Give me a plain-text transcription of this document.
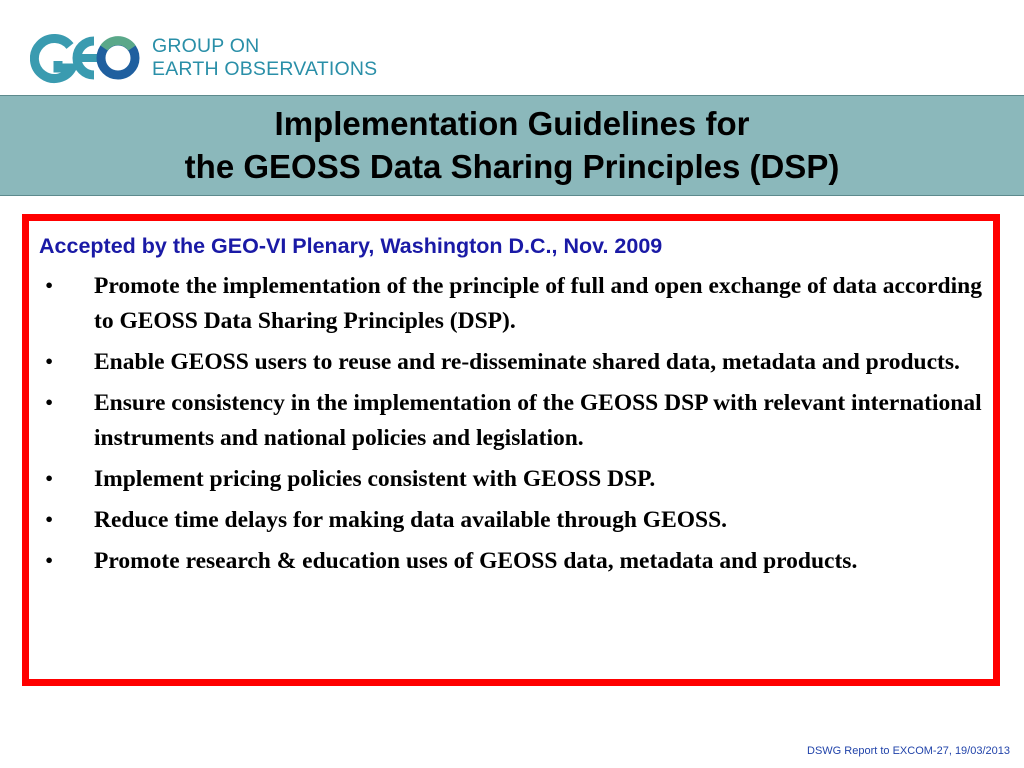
GROUP ON
EARTH OBSERVATIONS
Implementation Guidelines for
the GEOSS Data Sharing Principles (DSP)
Accepted by the GEO-VI Plenary, Washington D.C., Nov. 2009
• Promote the implementation of the principle of full and open exchange of data according to GEOSS Data Sharing Principles (DSP).
• Enable GEOSS users to reuse and re-disseminate shared data, metadata and products.
• Ensure consistency in the implementation of the GEOSS DSP with relevant international instruments and national policies and legislation.
• Implement pricing policies consistent with GEOSS DSP.
• Reduce time delays for making data available through GEOSS.
• Promote research & education uses of GEOSS data, metadata and products.
DSWG Report to EXCOM-27, 19/03/2013
